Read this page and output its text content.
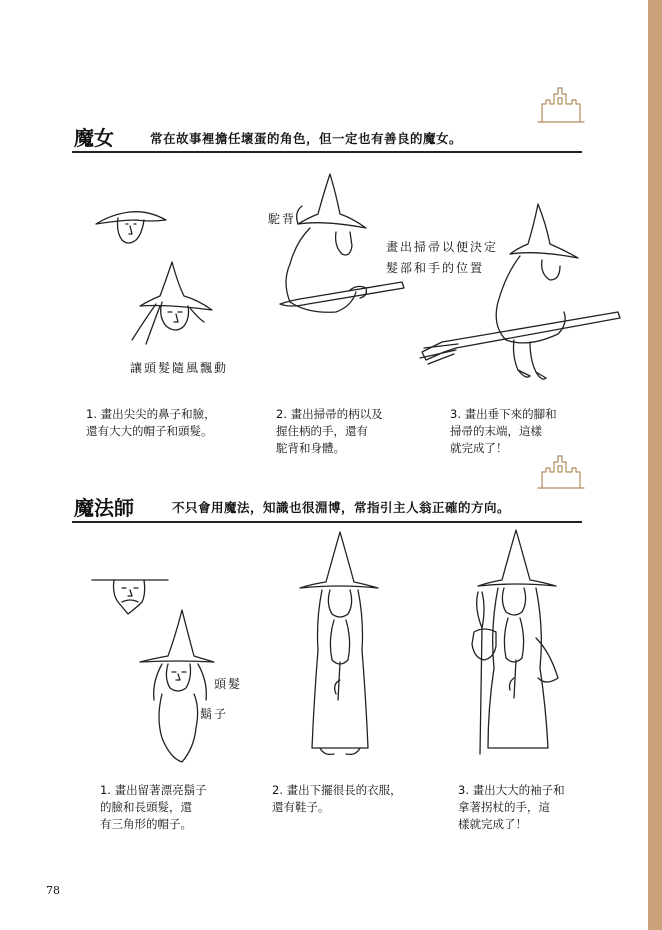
魔女	常在故事裡擔任壞蛋的角色，但一定也有善良的魔女。
讓頭髮隨風飄動
駝背
畫出掃帚以便決定
髮部和手的位置
1. 畫出尖尖的鼻子和臉，
還有大大的帽子和頭髮。
2. 畫出掃帚的柄以及
握住柄的手，還有
駝背和身體。
3. 畫出垂下來的腳和
掃帚的末端，這樣
就完成了！
魔法師	不只會用魔法，知識也很淵博，常指引主人翁正確的方向。
頭髮
鬍子
1. 畫出留著漂亮鬍子
的臉和長頭髮，還
有三角形的帽子。
2. 畫出下擺很長的衣服，
還有鞋子。
3. 畫出大大的袖子和
拿著拐杖的手，這
樣就完成了！
78
